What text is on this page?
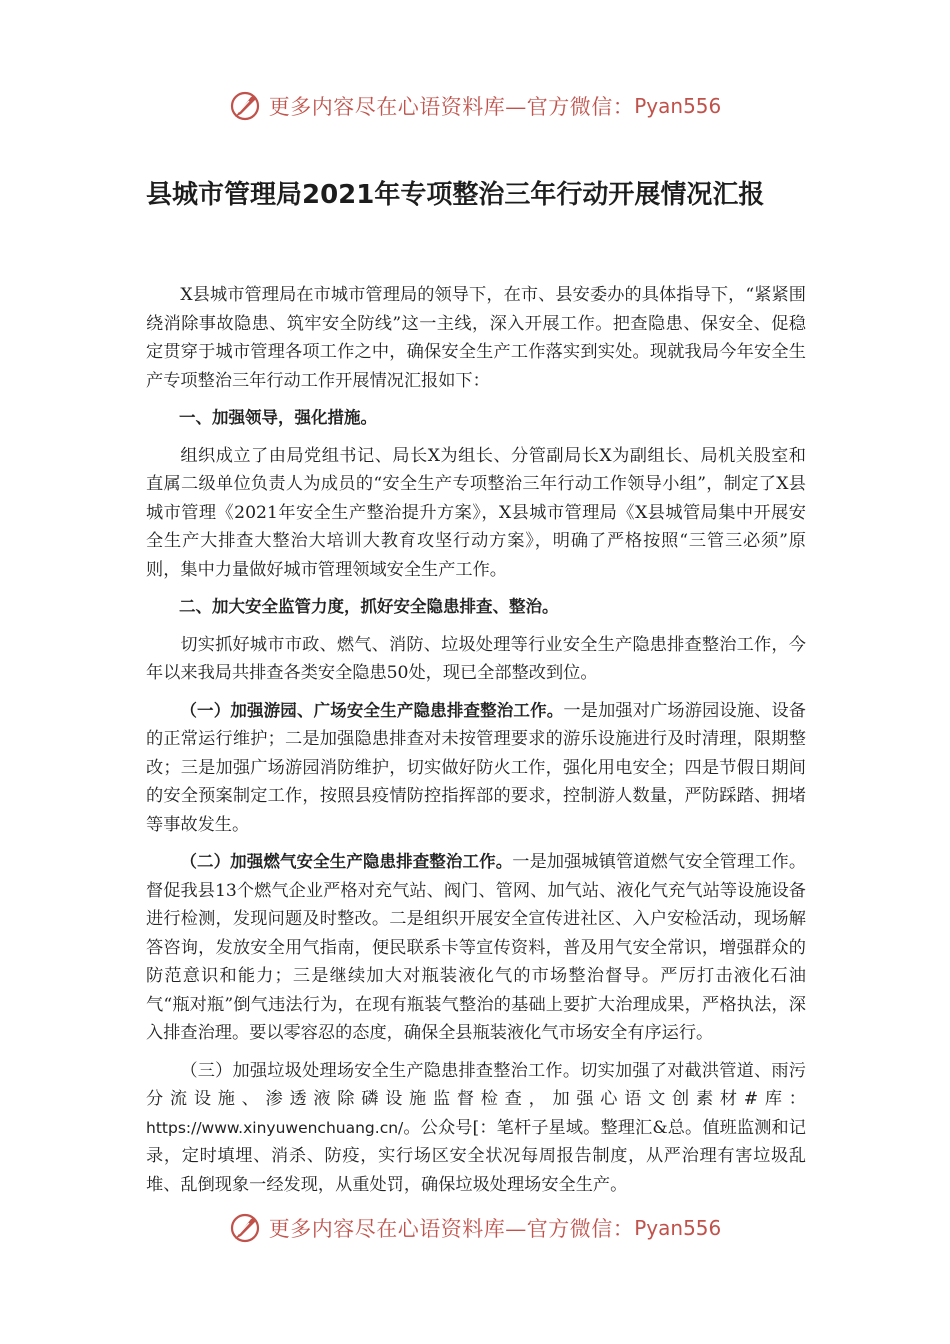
更多内容尽在心语资料库—官方微信： Pyan556
县城市管理局2021年专项整治三年行动开展情况汇报

X县城市管理局在市城市管理局的领导下，在市、县安委办的具体指导下，“紧紧围绕消除事故隐患、筑牢安全防线”这一主线，深入开展工作。把查隐患、保安全、促稳定贯穿于城市管理各项工作之中，确保安全生产工作落实到实处。现就我局今年安全生产专项整治三年行动工作开展情况汇报如下：

一、加强领导，强化措施。

组织成立了由局党组书记、局长X为组长、分管副局长X为副组长、局机关股室和直属二级单位负责人为成员的“安全生产专项整治三年行动工作领导小组”，制定了X县城市管理《2021年安全生产整治提升方案》，X县城市管理局《X县城管局集中开展安全生产大排查大整治大培训大教育攻坚行动方案》，明确了严格按照“三管三必须”原则，集中力量做好城市管理领域安全生产工作。

二、加大安全监管力度，抓好安全隐患排查、整治。

切实抓好城市市政、燃气、消防、垃圾处理等行业安全生产隐患排查整治工作，今年以来我局共排查各类安全隐患50处，现已全部整改到位。

（一）加强游园、广场安全生产隐患排查整治工作。一是加强对广场游园设施、设备的正常运行维护；二是加强隐患排查对未按管理要求的游乐设施进行及时清理，限期整改；三是加强广场游园消防维护，切实做好防火工作，强化用电安全；四是节假日期间的安全预案制定工作，按照县疫情防控指挥部的要求，控制游人数量，严防踩踏、拥堵等事故发生。

（二）加强燃气安全生产隐患排查整治工作。一是加强城镇管道燃气安全管理工作。督促我县13个燃气企业严格对充气站、阀门、管网、加气站、液化气充气站等设施设备进行检测，发现问题及时整改。二是组织开展安全宣传进社区、入户安检活动，现场解答咨询，发放安全用气指南，便民联系卡等宣传资料，普及用气安全常识，增强群众的防范意识和能力；三是继续加大对瓶装液化气的市场整治督导。严厉打击液化石油气“瓶对瓶”倒气违法行为，在现有瓶装气整治的基础上要扩大治理成果，严格执法，深入排查治理。要以零容忍的态度，确保全县瓶装液化气市场安全有序运行。

（三）加强垃圾处理场安全生产隐患排查整治工作。切实加强了对截洪管道、雨污分流设施、渗透液除磷设施监督检查，加强心语文创素材#库：https://www.xinyuwenchuang.cn/。公众号[：笔杆子星域。整理汇&总。值班监测和记录，定时填埋、消杀、防疫，实行场区安全状况每周报告制度，从严治理有害垃圾乱堆、乱倒现象一经发现，从重处罚，确保垃圾处理场安全生产。

更多内容尽在心语资料库—官方微信： Pyan556
